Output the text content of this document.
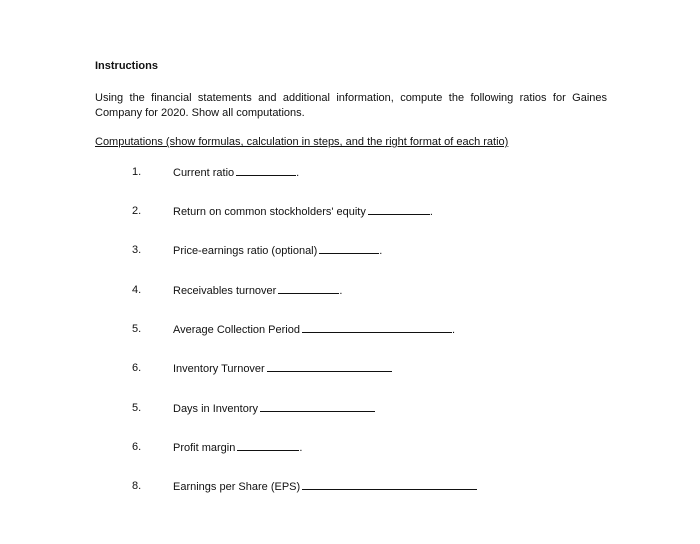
Instructions

Using the financial statements and additional information, compute the following ratios for Gaines Company for 2020. Show all computations.

Computations (show formulas, calculation in steps, and the right format of each ratio)

1.	Current ratio	.
2.	Return on common stockholders' equity	.
3.	Price-earnings ratio (optional)	.
4.	Receivables turnover	.
5.	Average Collection Period	.
6.	Inventory Turnover
5.	Days in Inventory
6.	Profit margin	.
8.	Earnings per Share (EPS)
